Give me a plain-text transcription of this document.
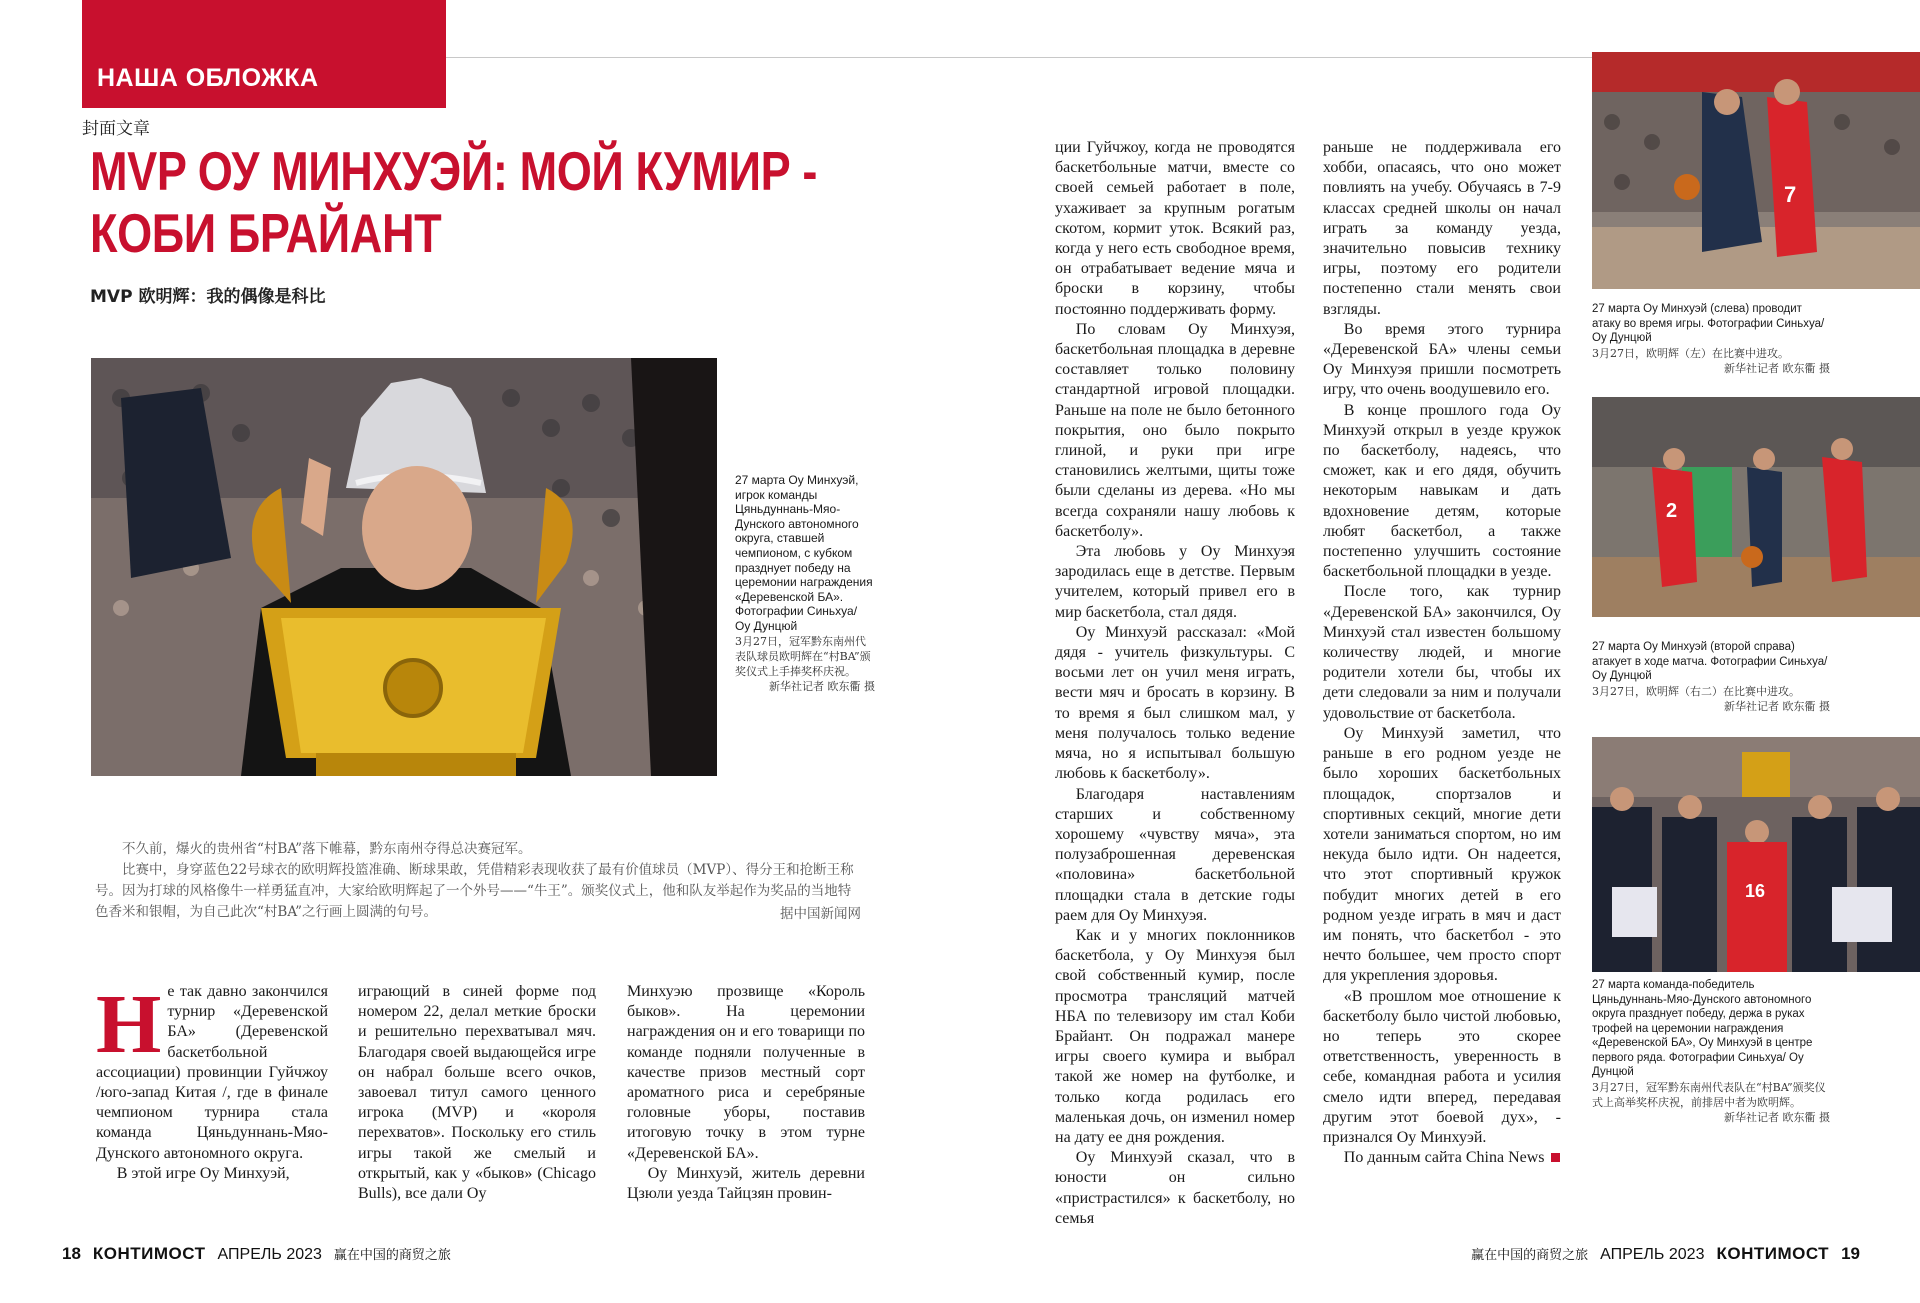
НАША ОБЛОЖКА
封面文章
MVP ОУ МИНХУЭЙ: МОЙ КУМИР -
КОБИ БРАЙАНТ
MVP 欧明辉：我的偶像是科比
27 марта Оу Минхуэй, игрок команды Цяньдуннань-Мяо-Дунского автономного округа, ставшей чемпионом, с кубком празднует победу на церемонии награждения «Деревенской БА». Фотографии Синьхуа/ Оу Дунцюй
3月27日，冠军黔东南州代表队球员欧明辉在“村BA”颁奖仪式上手捧奖杯庆祝。
新华社记者 欧东衢 摄

不久前，爆火的贵州省“村BA”落下帷幕，黔东南州夺得总决赛冠军。

比赛中，身穿蓝色22号球衣的欧明辉投篮准确、断球果敢，凭借精彩表现收获了最有价值球员（MVP）、得分王和抢断王称号。因为打球的风格像牛一样勇猛直冲，大家给欧明辉起了一个外号——“牛王”。颁奖仪式上，他和队友举起作为奖品的当地特色香米和银帽，为自己此次“村BA”之行画上圆满的句号。	据中国新闻网

Не так давно закончился турнир «Деревенской БА» (Деревенской баскетбольной ассоциации) провинции Гуйчжоу /юго-запад Китая /, где в финале чемпионом турнира стала команда Цяньдуннань-Мяо-Дунского автономного округа.

В этой игре Оу Минхуэй,

играющий в синей форме под номером 22, делал меткие броски и решительно перехватывал мяч. Благодаря своей выдающейся игре он набрал больше всего очков, завоевал титул самого ценного игрока (MVP) и «короля перехватов». Поскольку его стиль игры такой же смелый и открытый, как у «быков» (Chicago Bulls), все дали Оу

Минхуэю прозвище «Король быков». На церемонии награждения он и его товарищи по команде подняли полученные в качестве призов местный сорт ароматного риса и серебряные головные уборы, поставив итоговую точку в этом турне «Деревенской БА».

Оу Минхуэй, житель деревни Цзюли уезда Тайцзян провин-

ции Гуйчжоу, когда не проводятся баскетбольные матчи, вместе со своей семьей работает в поле, ухаживает за крупным рогатым скотом, кормит уток. Всякий раз, когда у него есть свободное время, он отрабатывает ведение мяча и броски в корзину, чтобы постоянно поддерживать форму.

По словам Оу Минхуэя, баскетбольная площадка в деревне составляет только половину стандартной игровой площадки. Раньше на поле не было бетонного покрытия, оно было покрыто глиной, и руки при игре становились желтыми, щиты тоже были сделаны из дерева. «Но мы всегда сохраняли нашу любовь к баскетболу».

Эта любовь у Оу Минхуэя зародилась еще в детстве. Первым учителем, который привел его в мир баскетбола, стал дядя.

Оу Минхуэй рассказал: «Мой дядя - учитель физкультуры. С восьми лет он учил меня играть, вести мяч и бросать в корзину. В то время я был слишком мал, у меня получалось только ведение мяча, но я испытывал большую любовь к баскетболу».

Благодаря наставлениям старших и собственному хорошему «чувству мяча», эта полузаброшенная деревенская «половина» баскетбольной площадки стала в детские годы раем для Оу Минхуэя.

Как и у многих поклонников баскетбола, у Оу Минхуэя был свой собственный кумир, после просмотра трансляций матчей НБА по телевизору им стал Коби Брайант. Он подражал манере игры своего кумира и выбрал такой же номер на футболке, и только когда родилась его маленькая дочь, он изменил номер на дату ее дня рождения.

Оу Минхуэй сказал, что в юности он сильно «пристрастился» к баскетболу, но семья

раньше не поддерживала его хобби, опасаясь, что оно может повлиять на учебу. Обучаясь в 7-9 классах средней школы он начал играть за команду уезда, значительно повысив технику игры, поэтому его родители постепенно стали менять свои взгляды.

Во время этого турнира «Деревенской БА» члены семьи Оу Минхуэя пришли посмотреть игру, что очень воодушевило его.

В конце прошлого года Оу Минхуэй открыл в уезде кружок по баскетболу, надеясь, что сможет, как и его дядя, обучить некоторым навыкам и дать вдохновение детям, которые любят баскетбол, а также постепенно улучшить состояние баскетбольной площадки в уезде.

После того, как турнир «Деревенской БА» закончился, Оу Минхуэй стал известен большому количеству людей, и многие родители хотели бы, чтобы их дети следовали за ним и получали удовольствие от баскетбола.

Оу Минхуэй заметил, что раньше в его родном уезде не было хороших баскетбольных площадок, спортзалов и спортивных секций, многие дети хотели заниматься спортом, но им некуда было идти. Он надеется, что этот спортивный кружок побудит многих детей в его родном уезде играть в мяч и даст им понять, что баскетбол - это нечто большее, чем просто спорт для укрепления здоровья.

«В прошлом мое отношение к баскетболу было чистой любовью, но теперь это скорее ответственность, уверенность в себе, командная работа и усилия смело идти вперед, передавая другим этот боевой дух», - признался Оу Минхуэй.

По данным сайта China News

7
27 марта Оу Минхуэй (слева) проводит атаку во время игры. Фотографии Синьхуа/ Оу Дунцюй
3月27日，欧明辉（左）在比赛中进攻。
新华社记者 欧东衢 摄
2
27 марта Оу Минхуэй (второй справа) атакует в ходе матча. Фотографии Синьхуа/ Оу Дунцюй
3月27日，欧明辉（右二）在比赛中进攻。
新华社记者 欧东衢 摄
16
27 марта команда-победитель Цяньдуннань-Мяо-Дунского автономного округа празднует победу, держа в руках трофей на церемонии награждения «Деревенской БА», Оу Минхуэй в центре первого ряда. Фотографии Синьхуа/ Оу Дунцюй
3月27日，冠军黔东南州代表队在“村BA”颁奖仪式上高举奖杯庆祝，前排居中者为欧明辉。
新华社记者 欧东衢 摄
18 КОНТИМОСТ АПРЕЛЬ 2023 赢在中国的商贸之旅	赢在中国的商贸之旅 АПРЕЛЬ 2023 КОНТИМОСТ 19
